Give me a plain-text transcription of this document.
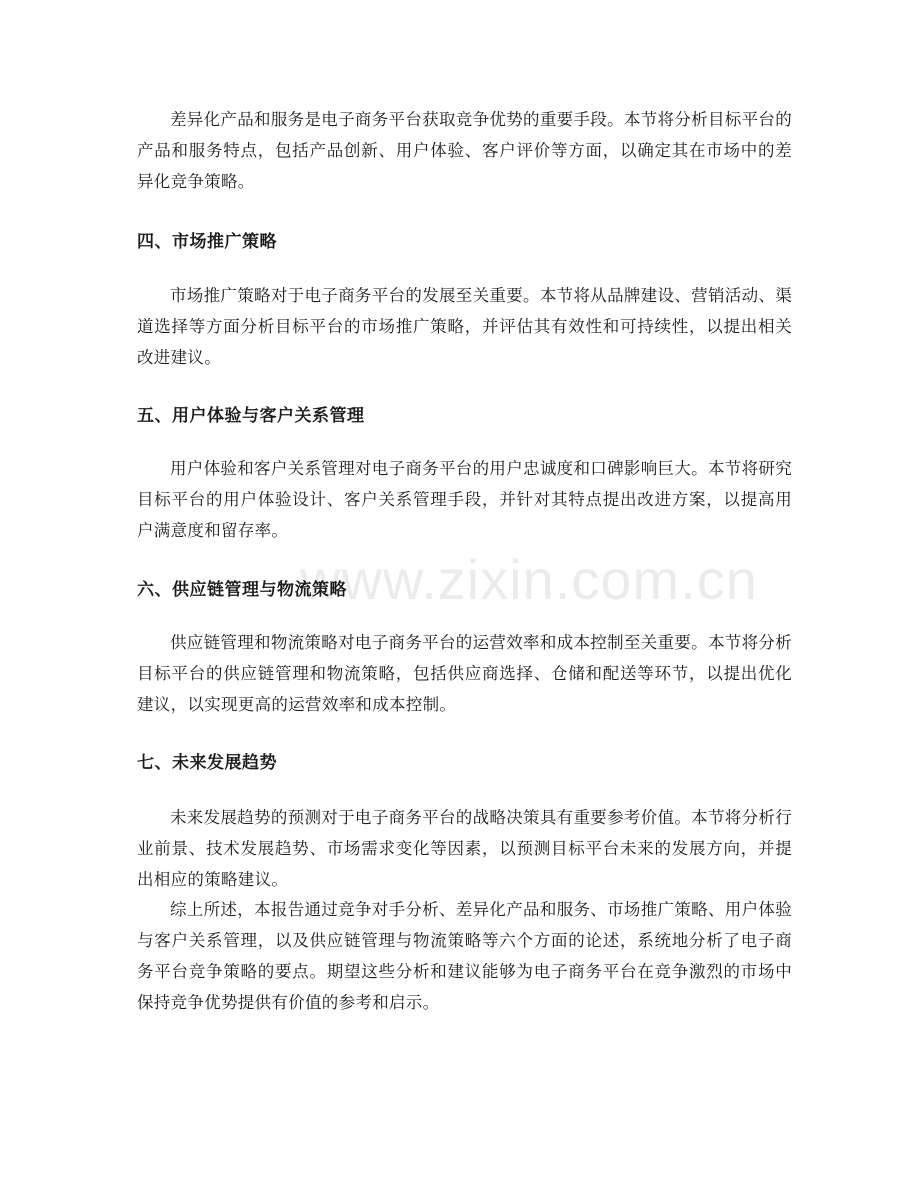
差异化产品和服务是电子商务平台获取竞争优势的重要手段。本节将分析目标平台的产品和服务特点，包括产品创新、用户体验、客户评价等方面，以确定其在市场中的差异化竞争策略。

四、市场推广策略

市场推广策略对于电子商务平台的发展至关重要。本节将从品牌建设、营销活动、渠道选择等方面分析目标平台的市场推广策略，并评估其有效性和可持续性，以提出相关改进建议。

五、用户体验与客户关系管理

用户体验和客户关系管理对电子商务平台的用户忠诚度和口碑影响巨大。本节将研究目标平台的用户体验设计、客户关系管理手段，并针对其特点提出改进方案，以提高用户满意度和留存率。

六、供应链管理与物流策略

供应链管理和物流策略对电子商务平台的运营效率和成本控制至关重要。本节将分析目标平台的供应链管理和物流策略，包括供应商选择、仓储和配送等环节，以提出优化建议，以实现更高的运营效率和成本控制。

七、未来发展趋势

未来发展趋势的预测对于电子商务平台的战略决策具有重要参考价值。本节将分析行业前景、技术发展趋势、市场需求变化等因素，以预测目标平台未来的发展方向，并提出相应的策略建议。

综上所述，本报告通过竞争对手分析、差异化产品和服务、市场推广策略、用户体验与客户关系管理，以及供应链管理与物流策略等六个方面的论述，系统地分析了电子商务平台竞争策略的要点。期望这些分析和建议能够为电子商务平台在竞争激烈的市场中保持竞争优势提供有价值的参考和启示。

www.zixin.com.cn
